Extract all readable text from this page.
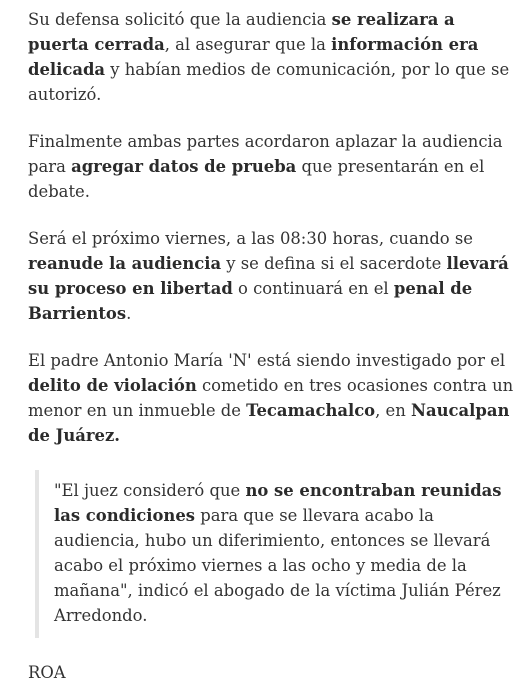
Su defensa solicitó que la audiencia se realizara a puerta cerrada, al asegurar que la información era delicada y habían medios de comunicación, por lo que se autorizó.

Finalmente ambas partes acordaron aplazar la audiencia para agregar datos de prueba que presentarán en el debate.

Será el próximo viernes, a las 08:30 horas, cuando se reanude la audiencia y se defina si el sacerdote llevará su proceso en libertad o continuará en el penal de Barrientos.

El padre Antonio María 'N' está siendo investigado por el delito de violación cometido en tres ocasiones contra un menor en un inmueble de Tecamachalco, en Naucalpan de Juárez.

"El juez consideró que no se encontraban reunidas las condiciones para que se llevara acabo la audiencia, hubo un diferimiento, entonces se llevará acabo el próximo viernes a las ocho y media de la mañana", indicó el abogado de la víctima Julián Pérez Arredondo.

ROA
